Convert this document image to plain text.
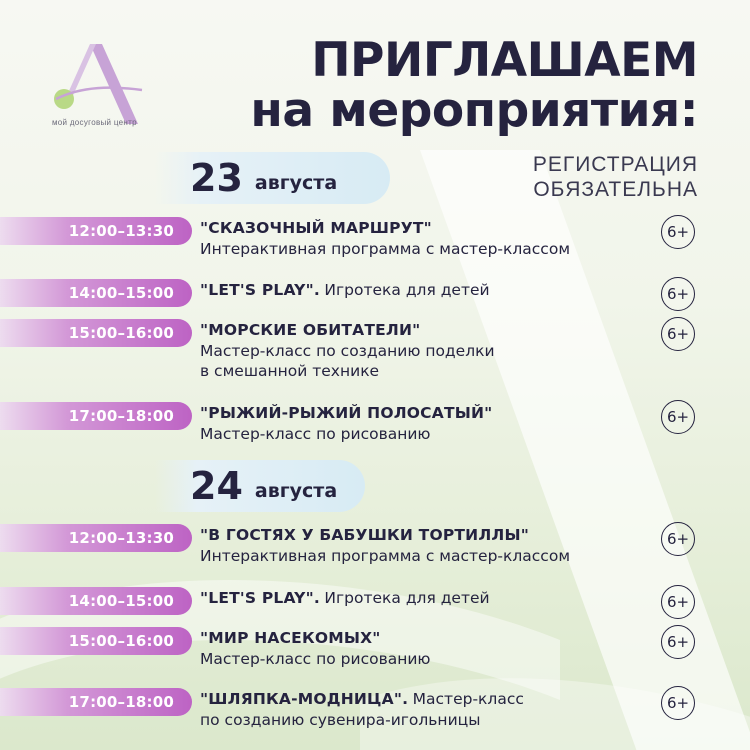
мой досуговый центр
ПРИГЛАШАЕМ
на мероприятия:
РЕГИСТРАЦИЯ
ОБЯЗАТЕЛЬНА
23 августа
12:00–13:30 "СКАЗОЧНЫЙ МАРШРУТ"
Интерактивная программа с мастер-классом
6+
14:00–15:00 "LET'S PLAY". Игротека для детей	6+
15:00–16:00 "МОРСКИЕ ОБИТАТЕЛИ"
Мастер-класс по созданию поделки
в смешанной технике
6+
17:00–18:00 "РЫЖИЙ-РЫЖИЙ ПОЛОСАТЫЙ"
Мастер-класс по рисованию
6+
24 августа
12:00–13:30 "В ГОСТЯХ У БАБУШКИ ТОРТИЛЛЫ"
Интерактивная программа с мастер-классом
6+
14:00–15:00 "LET'S PLAY". Игротека для детей	6+
15:00–16:00 "МИР НАСЕКОМЫХ"
Мастер-класс по рисованию
6+
17:00–18:00 "ШЛЯПКА-МОДНИЦА". Мастер-класс
по созданию сувенира-игольницы
6+
